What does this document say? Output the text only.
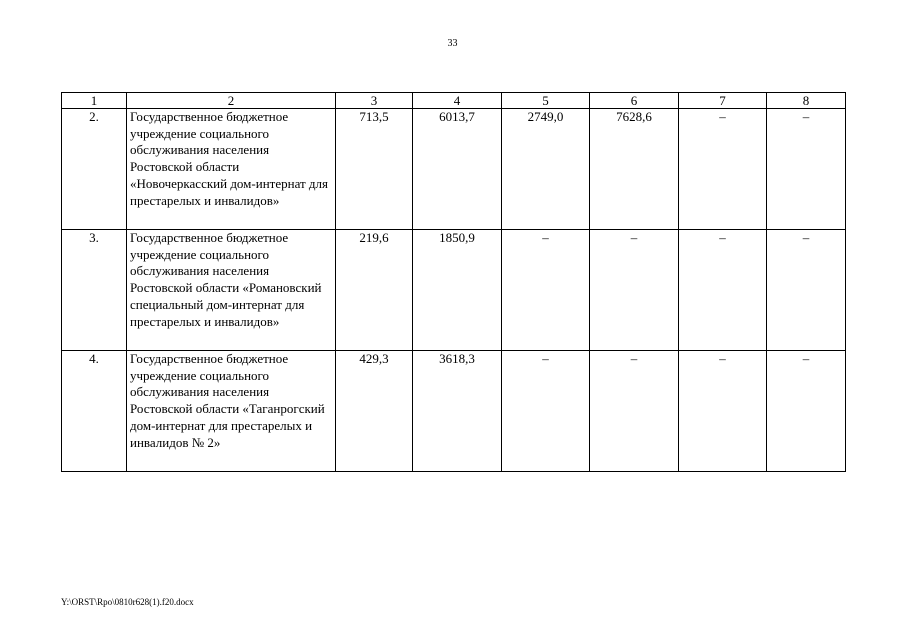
33
1	2	3	4	5	6	7	8
2.	Государственное бюджетное учреждение социального обслуживания населения Ростовской области «Новочеркасский дом-интернат для престарелых и инвалидов»	713,5	6013,7	2749,0	7628,6	–	–
3.	Государственное бюджетное учреждение социального обслуживания населения Ростовской области «Романовский специальный дом-интернат для престарелых и инвалидов»	219,6	1850,9	–	–	–	–
4.	Государственное бюджетное учреждение социального обслуживания населения Ростовской области «Таганрогский дом-интернат для престарелых и инвалидов № 2»	429,3	3618,3	–	–	–	–
Y:\ORST\Rpo\0810r628(1).f20.docx
